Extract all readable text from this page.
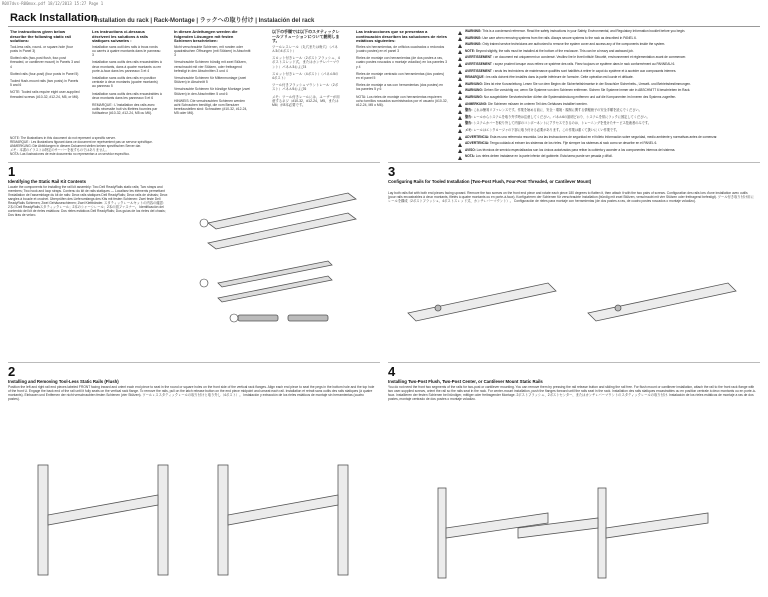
R0X7dvs-R00mxx.pdf 18/12/2013 15:27 Page 1
Rack Installation
Installation du rack | Rack-Montage | ラックへの取り付け | Instalación del rack
The instructions given below describe the following static rail solutions:

Tool-less rails, round- or square-hole (four posts in Panel 3)

Slotted rails (two-post flush, four-post threaded, or cantilever mount) in Panels 3 and 4

Slotted rails (four-post) (four posts in Panel 5)

Tooled flush-mount rails (two posts) in Panels 5 and 6

NOTE: Tooled rails require eight user-supplied threaded screws (#10-32, #12-24, M5, or M6).

Les instructions ci-dessous décrivent les solutions à rails statiques suivantes :

Installation sans outil des rails à trous ronds ou carrés à quatre montants dans le panneau 3

Installation sans outils des rails encastrables à deux montants, dans à quatre montants ou en porte-à-faux dans les panneaux 3 et 4

Installation sans outils des rails en position centrale à deux montants (quatre montants) au panneau 5

Installation sans outils des rails encastrables à deux montants dans les panneaux 5 et 6

REMARQUE : L'installation des rails avec outils nécessite huit vis filetées fournies par l'utilisateur (#10-32, #12-24, M5 ou M6).

In diesen Anleitungen werden die folgenden Lösungen mit festen Schienen beschrieben:

Nicht verschraubte Schienen, mit runden oder quadratischen Öffnungen (mit Stützen) in Abschnitt 3

Verschraubte Schienen bündig mit zwei Stützen, verschraubt mit vier Stützen, oder freitragend befestigt in den Abschnitten 3 und 4

Verschraubte Schienen für Mittenmontage (zwei Stützen) in Abschnitt 5

Verschraubte Schienen für bündige Montage (zwei Stützen) in den Abschnitten 5 und 6

HINWEIS: Die verschraubten Schienen werden acht Schrauben benötigt, die vom Benutzer bereitzustellen sind: Schrauben (#10-32, #12-24, M5 oder M6).

以下の手順では以下のスタティックレールソリューションについて説明します。

ツールレスレール（丸穴または角穴）（パネル3の4ポスト）

スロット付きレール（2ポストフラッシュ、4ポストスレッド式、またはカンチレバーマウント）パネル3および4

スロット付きレール（4ポスト）（パネル5の4ポスト）

ツール付きフラッシュマウントレール（2ポスト）パネル5および6

メモ：ツール付きレールには、ユーザーが用意するネジ（#10-32、#12-24、M5、またはM6）が8本必要です。

Las instrucciones que se presentan a continuación describen las soluciones de rieles estáticos siguientes:

Rieles sin herramientas, de orificios cuadrados o redondos (cuatro postes) en el panel 3

Rieles de montaje con herramientas (de dos postes a ras, cuatro postes roscados o montaje voladizo) en los paneles 3 y 4

Rieles de montaje centrado con herramientas (dos postes) en el panel 5

Rieles de montaje a ras con herramientas (dos postes) en los paneles 5 y 6

NOTA: Los rieles de montaje con herramientas requieren ocho tornillos roscados suministrados por el usuario (#10-32, #12-24, M5 o M6).

NOTE: The illustrations in this document do not represent a specific server.
REMARQUE : Les illustrations figurant dans ce document ne représentent pas un serveur spécifique.
ANMERKUNG: Die Abbildungen in diesem Dokument stellen keinen spezifischen Server dar.
メモ：本書のイラストは特定のサーバーを表すものではありません。
NOTA: Las ilustraciones de este documento no representan a un servidor específico.
WARNING: This is a condensed reference. Read the safety instructions in your Safety, Environmental, and Regulatory Information booklet before you begin.
WARNING: Use care when removing systems from the rails. Always secure systems to the rack as described in PANEL 6.
WARNING: Only trained service technicians are authorized to remove the system cover and access any of the components inside the system.
NOTE: Beyond slightly, the rails must be installed at the bottom of the enclosure. This can be a heavy and awkward job.
AVERTISSEMENT : ce document est uniquement un condensé. Veuillez lire le livret intitulé Sécurité, environnement et réglementation avant de commencer.
AVERTISSEMENT : soyez prudent lorsque vous retirez ce système des rails. Fixez toujours ce système dans le rack conformément au PANNEAU 6.
AVERTISSEMENT : seuls les techniciens de maintenance qualifiés sont habilités à retirer le capot du système et à accéder aux composants internes.
REMARQUE : les rails doivent être installés dans la partie inférieure de l'armoire. Cette opération est lourde et délicate.
WARNUNG: Dies ist eine Kurzanleitung. Lesen Sie vor dem Beginn die Sicherheitshinweise in der Broschüre Sicherheits-, Umwelt- und Betriebsbestimmungen.
WARNUNG: Gehen Sie vorsichtig vor, wenn Sie Systeme von den Schienen entfernen. Sichern Sie Systeme immer wie in ABSCHNITT 6 beschrieben im Rack.
WARNUNG: Nur ausgebildete Servicetechniker dürfen die Systemabdeckung entfernen und auf die Komponenten im Inneren des Systems zugreifen.
ANMERKUNG: Die Schienen müssen im unteren Teil des Gehäuses installiert werden.
警告: これは簡易リファレンスです。作業を始める前に、安全・環境・規制に関する情報冊子の安全手順を読んでください。
警告: レールからシステムを取り外す時は注意してください。パネル6の説明どおり、システムを常にラックに固定してください。
警告: システムカバーを取り外して内部のコンポーネントにアクセスできるのは、トレーニングを受けたサービス技術者のみです。
メモ: レールはエンクロージャの下部に取り付ける必要があります。この作業は重くて扱いにくい作業です。
ADVERTENCIA: Esta es una referencia resumida. Lea las instrucciones de seguridad en el folleto Información sobre seguridad, medio ambiente y normativas antes de comenzar.
ADVERTENCIA: Tenga cuidado al extraer los sistemas de los rieles. Fije siempre los sistemas al rack como se describe en el PANEL 6.
AVISO: Los técnicos de servicio especializados son los únicos autorizados para retirar la cubierta y acceder a los componentes internos del sistema.
NOTA: Los rieles deben instalarse en la parte inferior del gabinete. Esta tarea puede ser pesada y difícil.
1
Identifying the Static Rail Kit Contents
Locate the components for installing the rail kit assembly: Two Dell ReadyRails static rails; Two straps and members; Two hook and loop straps. Contenu du kit de rails statiques — Localisez les éléments permettant l'installation de l'assemblage du kit de rails: Deux rails statiques Dell ReadyRails; Deux rails de châssis; Deux sangles à boucle et crochet. Überprüfen des Lieferumfangs des Kits mit festen Schienen: Zwei feste Dell ReadyRails Schienen; Zwei Gehäuseschienen; Zwei Klettbänder. スタティックレールキットの内容の確認：2本のDell ReadyRailsスタティックレール；2本のシャーシレール；2本の面ファスナー。 Identificación del contenido del kit de rieles estáticos: Dos rieles estáticos Dell ReadyRails; Dos guías de los rieles del chasis; Dos tiras de velcro.
2
Installing and Removing Tool-Less Static Rails (Flush)
Position the left and right rail end pieces labeled FRONT facing inward and orient each end piece to seat in the round or square holes on the front side of the vertical rack flanges. Align each end piece to seat the pegs in the bottom hole and the top hole of the front U. Engage the back end of the rail until it fully seats on the vertical rack flange. To remove the rails, pull on the latch release button on the end piece midpoint and unseat each rail. Installation et retrait sans outils des rails statiques (à quatre montants). Einbauen und Entfernen der nicht verschraubten festen Schienen (vier Stützen). ツールレススタティックレールの取り付けと取り外し（4ポスト）。 Instalación y extracción de los rieles estáticos de montaje sin herramientas (cuatro postes).
3
Configuring Rails for Tooled Installation (Two-Post Flush, Four-Post Threaded, or Cantilever Mount)
Lay both rails flat with both end pieces facing upward. Remove the two screws on the front end piece and rotate each piece 180 degrees to flatten it, then attach it with the two pairs of screws. Configuration des rails lors d'une installation avec outils (pour rails encastrables à deux montants, filetés à quatre montants ou en porte-à-faux). Konfigurieren der Schienen für verschraubte Installation (bündig mit zwei Stützen, verschraubt mit vier Stützen oder freitragend befestigt). ツール付き取り付け用にレールを構成（2ポストフラッシュ、4ポストスレッド式、カンチレバーマウント）。 Configuración de rieles para montaje con herramientas (de dos postes a ras, de cuatro postes roscados o montaje voladizo).
4
Installing Two-Post Flush, Two-Post Center, or Cantilever Mount Static Rails
You do not need the front two segments of the rails for two-post or cantilever mounting. You can remove them by pressing the rail release button and sliding the rail free. For flush mount or cantilever installation, attach the rail to the front rack flange with two user-supplied screws, orient the rail so the rails seat in the rack. For center-mount installation, push the flanges forward until the rails seat in the rack. Installation des rails statiques encastrables ou en position centrale à deux montants ou en porte-à-faux. Installieren der festen Schienen bei bündiger, mittiger oder freitragender Montage. 2ポストフラッシュ、2ポストセンター、またはカンチレバーマウントのスタティックレールの取り付け. Instalación de los rieles estáticos de montaje a ras de dos postes, montaje centrado de dos postes o montaje voladizo.
